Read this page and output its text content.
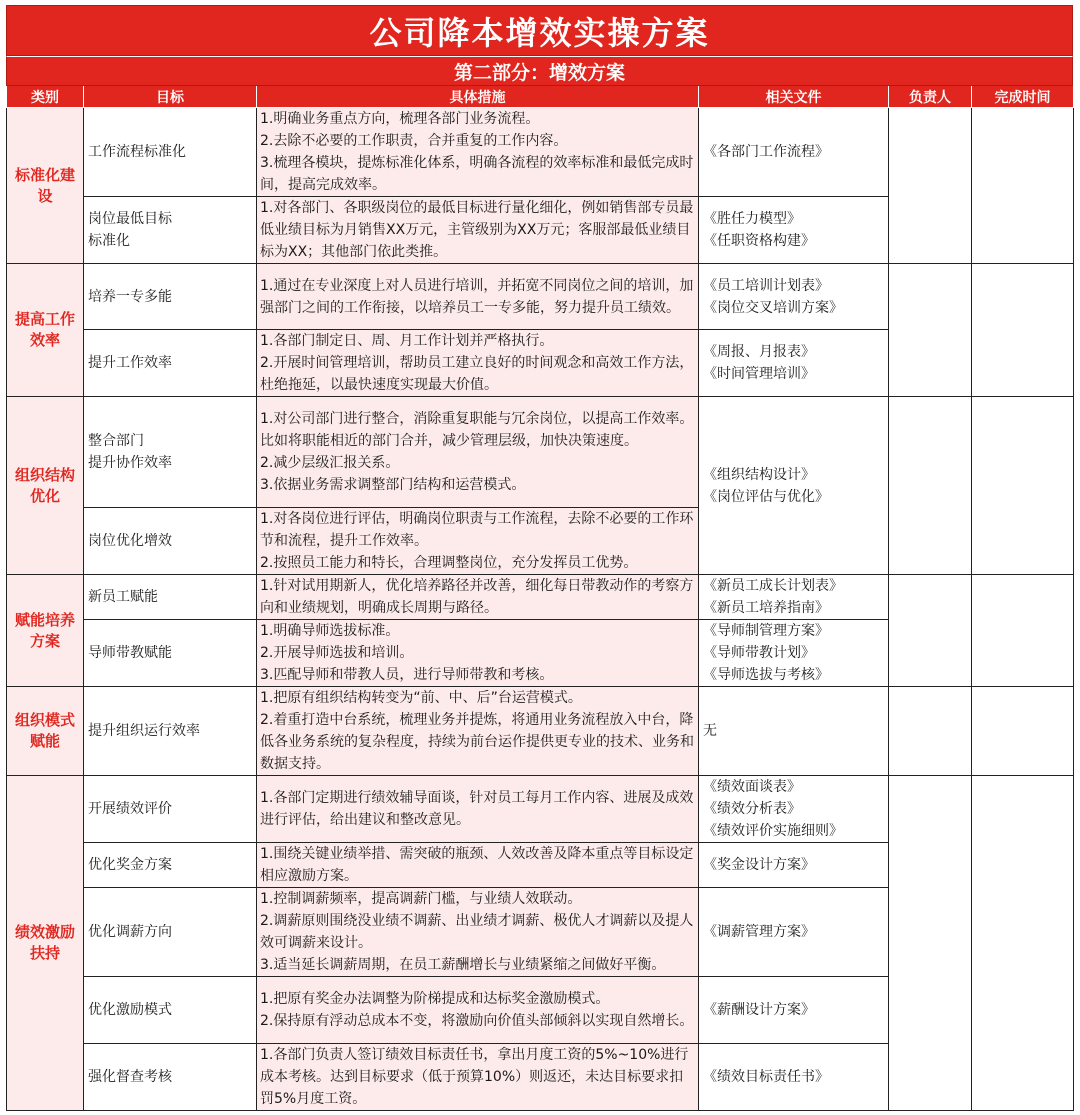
公司降本增效实操方案
第二部分：增效方案
类别	目标	具体措施	相关文件	负责人	完成时间
标准化建设	工作流程标准化	1.明确业务重点方向，梳理各部门业务流程。
2.去除不必要的工作职责，合并重复的工作内容。
3.梳理各模块，提炼标准化体系，明确各流程的效率标准和最低完成时间，提高完成效率。	《各部门工作流程》		

	岗位最低目标
标准化	1.对各部门、各职级岗位的最低目标进行量化细化，例如销售部专员最低业绩目标为月销售XX万元，主管级别为XX万元；客服部最低业绩目标为XX；其他部门依此类推。	《胜任力模型》
《任职资格构建》		

提高工作效率	培养一专多能	1.通过在专业深度上对人员进行培训，并拓宽不同岗位之间的培训，加强部门之间的工作衔接，以培养员工一专多能，努力提升员工绩效。	《员工培训计划表》
《岗位交叉培训方案》		

	提升工作效率	1.各部门制定日、周、月工作计划并严格执行。
2.开展时间管理培训，帮助员工建立良好的时间观念和高效工作方法，杜绝拖延，以最快速度实现最大价值。	《周报、月报表》
《时间管理培训》		

组织结构优化	整合部门
提升协作效率	1.对公司部门进行整合，消除重复职能与冗余岗位，以提高工作效率。比如将职能相近的部门合并，减少管理层级，加快决策速度。
2.减少层级汇报关系。
3.依据业务需求调整部门结构和运营模式。	《组织结构设计》
《岗位评估与优化》		

	岗位优化增效	1.对各岗位进行评估，明确岗位职责与工作流程，去除不必要的工作环节和流程，提升工作效率。
2.按照员工能力和特长，合理调整岗位，充分发挥员工优势。			

赋能培养方案	新员工赋能	1.针对试用期新人，优化培养路径并改善，细化每日带教动作的考察方向和业绩规划，明确成长周期与路径。	《新员工成长计划表》
《新员工培养指南》		

	导师带教赋能	1.明确导师选拔标准。
2.开展导师选拔和培训。
3.匹配导师和带教人员，进行导师带教和考核。	《导师制管理方案》
《导师带教计划》
《导师选拔与考核》		

组织模式赋能	提升组织运行效率	1.把原有组织结构转变为“前、中、后”台运营模式。
2.着重打造中台系统，梳理业务并提炼，将通用业务流程放入中台，降低各业务系统的复杂程度，持续为前台运作提供更专业的技术、业务和数据支持。	无		

绩效激励扶持	开展绩效评价	1.各部门定期进行绩效辅导面谈，针对员工每月工作内容、进展及成效进行评估，给出建议和整改意见。	《绩效面谈表》
《绩效分析表》
《绩效评价实施细则》		

	优化奖金方案	1.围绕关键业绩举措、需突破的瓶颈、人效改善及降本重点等目标设定相应激励方案。	《奖金设计方案》		

	优化调薪方向	1.控制调薪频率，提高调薪门槛，与业绩人效联动。
2.调薪原则围绕没业绩不调薪、出业绩才调薪、极优人才调薪以及提人效可调薪来设计。
3.适当延长调薪周期，在员工薪酬增长与业绩紧缩之间做好平衡。	《调薪管理方案》		

	优化激励模式	1.把原有奖金办法调整为阶梯提成和达标奖金激励模式。
2.保持原有浮动总成本不变，将激励向价值头部倾斜以实现自然增长。	《薪酬设计方案》		

	强化督查考核	1.各部门负责人签订绩效目标责任书，拿出月度工资的5%~10%进行成本考核。达到目标要求（低于预算10%）则返还，未达目标要求扣罚5%月度工资。	《绩效目标责任书》		
